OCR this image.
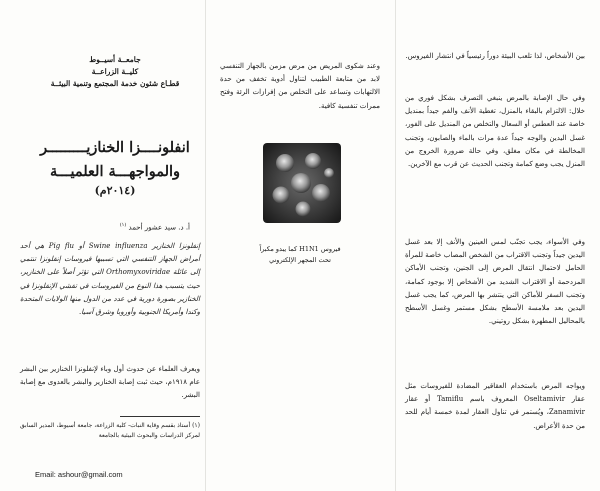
جامعــة أسيــوط
كليــة الزراعــة
قطـاع شئون خدمة المجتمع وتنمية البيئــة
انفلونــــزا الخنازيـــــــــر
والمواجهـــة العلميـــة
(٢٠١٤م)
أ. د. سيد عشور أحمد $^{(١)}$

إنفلونزا الخنازير Swine influenza أو Pig flu هي أحد أمراض الجهاز التنفسي التي تسببها فيروسات إنفلونزا تنتمي إلى عائلة Orthomyxoviridae التي تؤثر أصلاً على الخنازير، حيث يتسبب هذا النوع من الفيروسات في تفشي الإنفلونزا في الخنازير بصورة دورية في عدد من الدول منها الولايات المتحدة وكندا وأمريكا الجنوبية وأوروبا وشرق آسيا.

ويعرف العلماء عن حدوث أول وباء لإنفلونزا الخنازير بين البشر عام ١٩١٨م، حيث ثبت إصابة الخنازير والبشر بالعدوى مع إصابة البشر.

(١) أستاذ بقسم وقاية النبات- كلية الزراعة، جامعة أسيوط، المدير السابق لمركز الدراسات والبحوث البيئية بالجامعة
Email: ashour@gmail.com

وعند شكوى المريض من مرض مزمن بالجهاز التنفسي لابد من متابعة الطبيب لتناول أدوية تخفف من حدة الالتهابات وتساعد على التخلص من إفرازات الرئة وفتح ممرات تنفسية كافية.

فيروس H1N1 كما يبدو مكبراً
تحت المجهر الإلكتروني

بين الأشخاص، لذا تلعب البيئة دوراً رئيسياً في انتشار الفيروس.

وفي حال الإصابة بالمرض ينبغي التصرف بشكل فوري من خلال: الالتزام بالبقاء بالمنزل، تغطية الأنف والفم جيداً بمنديل خاصة عند العطس أو السعال والتخلص من المنديل على الفور، غسل اليدين والوجه جيداً عدة مرات بالماء والصابون، وتجنب المخالطة في مكان مغلق، وفي حالة ضرورة الخروج من المنزل يجب وضع كمامة وتجنب الحديث عن قرب مع الآخرين.

وفي الأسواء، يجب تجنّب لمس العينين والأنف إلا بعد غسل اليدين جيداً وتجنب الاقتراب من الشخص المصاب خاصة للمرأة الحامل لاحتمال انتقال المرض إلى الجنين، وتجنب الأماكن المزدحمة أو الاقتراب الشديد من الأشخاص إلا بوجود كمامة، وتجنب السفر للأماكن التي ينتشر بها المرض، كما يجب غسل اليدين بعد ملامسة الأسطح بشكل مستمر وغسل الأسطح بالمحاليل المطهرة بشكل روتيني.

ويواجه المرض باستخدام العقاقير المضادة للفيروسات مثل عقار Oseltamivir المعروف باسم Tamiflu أو عقار Zanamivir، ويُستمر في تناول العقار لمدة خمسة أيام للحد من حدة الأعراض.
